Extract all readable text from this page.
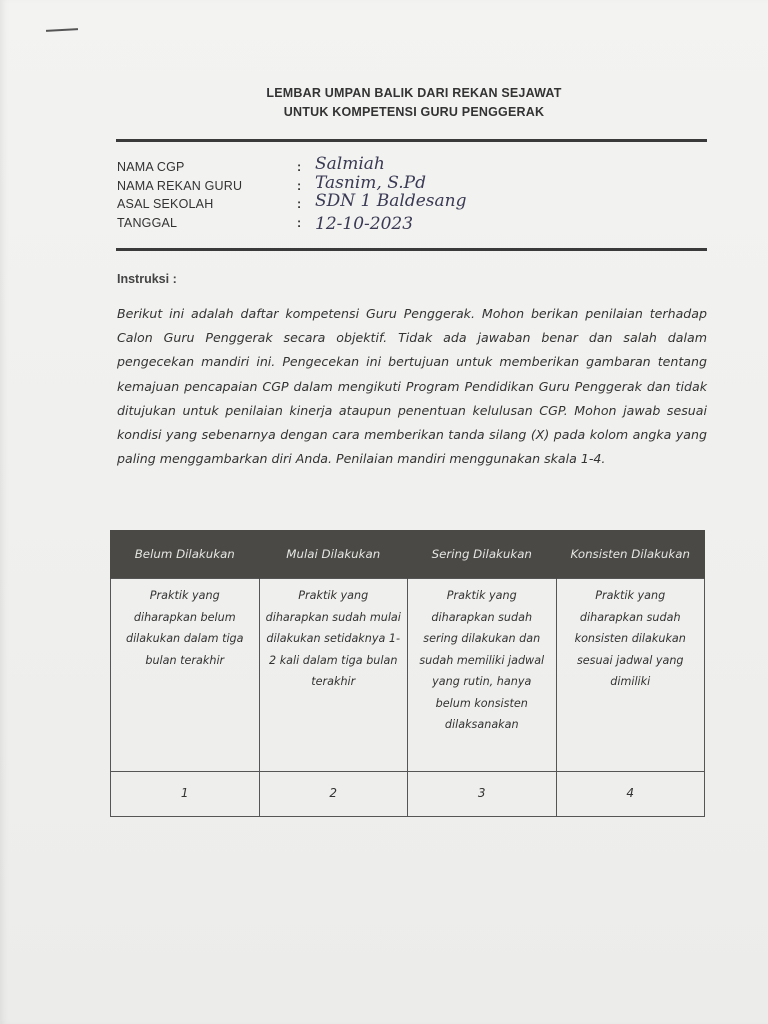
LEMBAR UMPAN BALIK DARI REKAN SEJAWAT
UNTUK KOMPETENSI GURU PENGGERAK
NAMA CGP	: Salmiah
NAMA REKAN GURU	: Tasnim, S.Pd
ASAL SEKOLAH	: SDN 1 Baldesang
TANGGAL	: 12-10-2023
Instruksi :

Berikut ini adalah daftar kompetensi Guru Penggerak. Mohon berikan penilaian terhadap Calon Guru Penggerak secara objektif. Tidak ada jawaban benar dan salah dalam pengecekan mandiri ini. Pengecekan ini bertujuan untuk memberikan gambaran tentang kemajuan pencapaian CGP dalam mengikuti Program Pendidikan Guru Penggerak dan tidak ditujukan untuk penilaian kinerja ataupun penentuan kelulusan CGP. Mohon jawab sesuai kondisi yang sebenarnya dengan cara memberikan tanda silang (X) pada kolom angka yang paling menggambarkan diri Anda. Penilaian mandiri menggunakan skala 1-4.

Belum Dilakukan	Mulai Dilakukan	Sering Dilakukan	Konsisten Dilakukan
Praktik yang diharapkan belum dilakukan dalam tiga bulan terakhir	Praktik yang diharapkan sudah mulai dilakukan setidaknya 1-2 kali dalam tiga bulan terakhir	Praktik yang diharapkan sudah sering dilakukan dan sudah memiliki jadwal yang rutin, hanya belum konsisten dilaksanakan	Praktik yang diharapkan sudah konsisten dilakukan sesuai jadwal yang dimiliki
1	2	3	4
